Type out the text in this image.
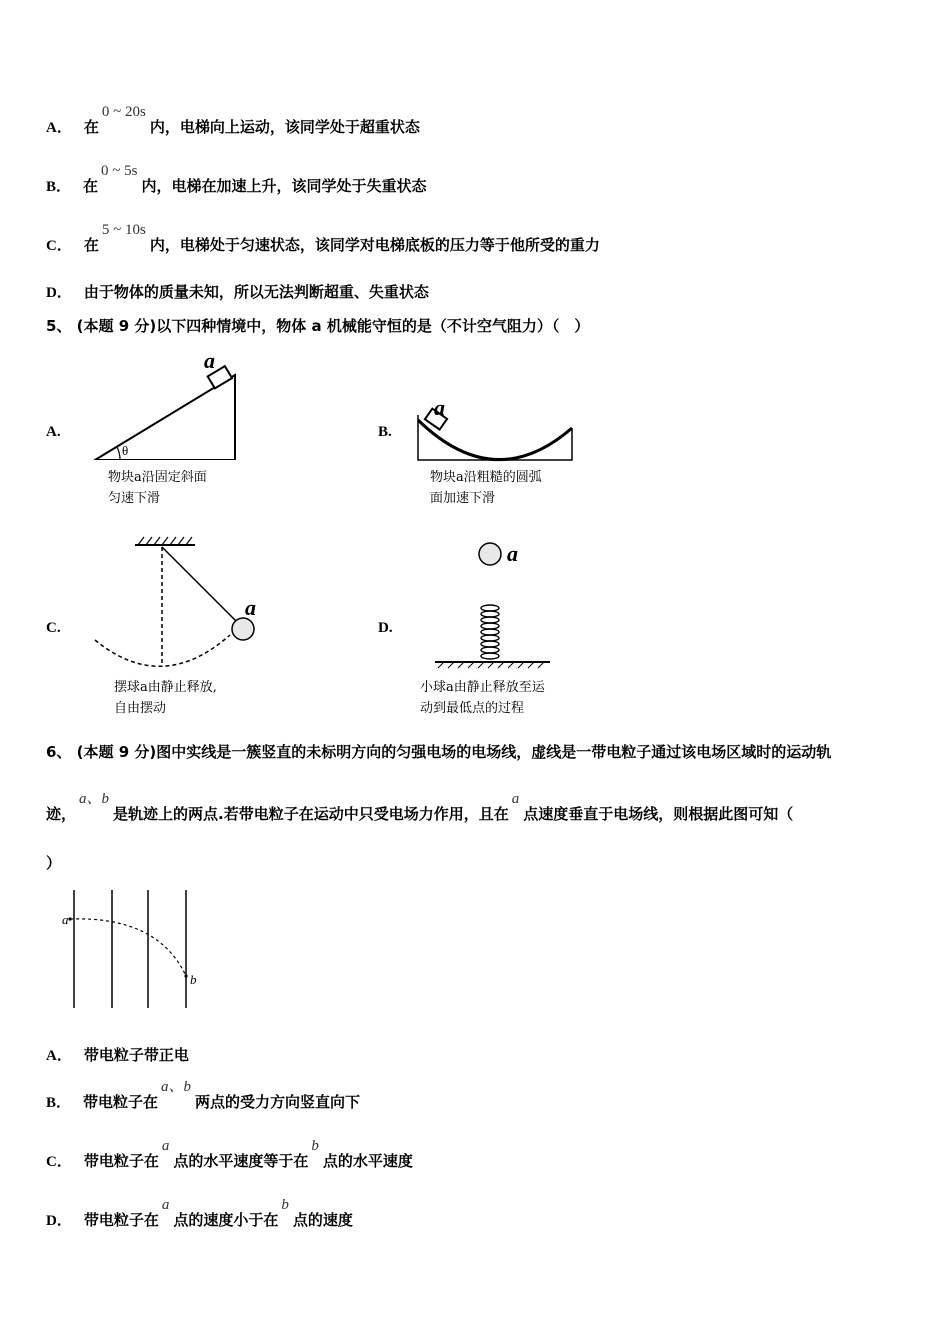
A． 在0 ~ 20s内，电梯向上运动，该同学处于超重状态
B． 在0 ~ 5s内，电梯在加速上升，该同学处于失重状态
C． 在5 ~ 10s内，电梯处于匀速状态，该同学对电梯底板的压力等于他所受的重力
D． 由于物体的质量未知，所以无法判断超重、失重状态
5、 (本题 9 分)以下四种情境中，物体 a 机械能守恒的是（不计空气阻力）（　）
A.
a
θ
物块a沿固定斜面
匀速下滑
B.
a
物块a沿粗糙的圆弧
面加速下滑
C.
a
摆球a由静止释放,
自由摆动
D.
a
小球a由静止释放至运
动到最低点的过程
6、 (本题 9 分)图中实线是一簇竖直的未标明方向的匀强电场的电场线，虚线是一带电粒子通过该电场区域时的运动轨
迹，a、b是轨迹上的两点.若带电粒子在运动中只受电场力作用，且在a点速度垂直于电场线，则根据此图可知（
）
a
b
A． 带电粒子带正电
B． 带电粒子在a、b两点的受力方向竖直向下
C． 带电粒子在a点的水平速度等于在b点的水平速度
D． 带电粒子在a点的速度小于在b点的速度
